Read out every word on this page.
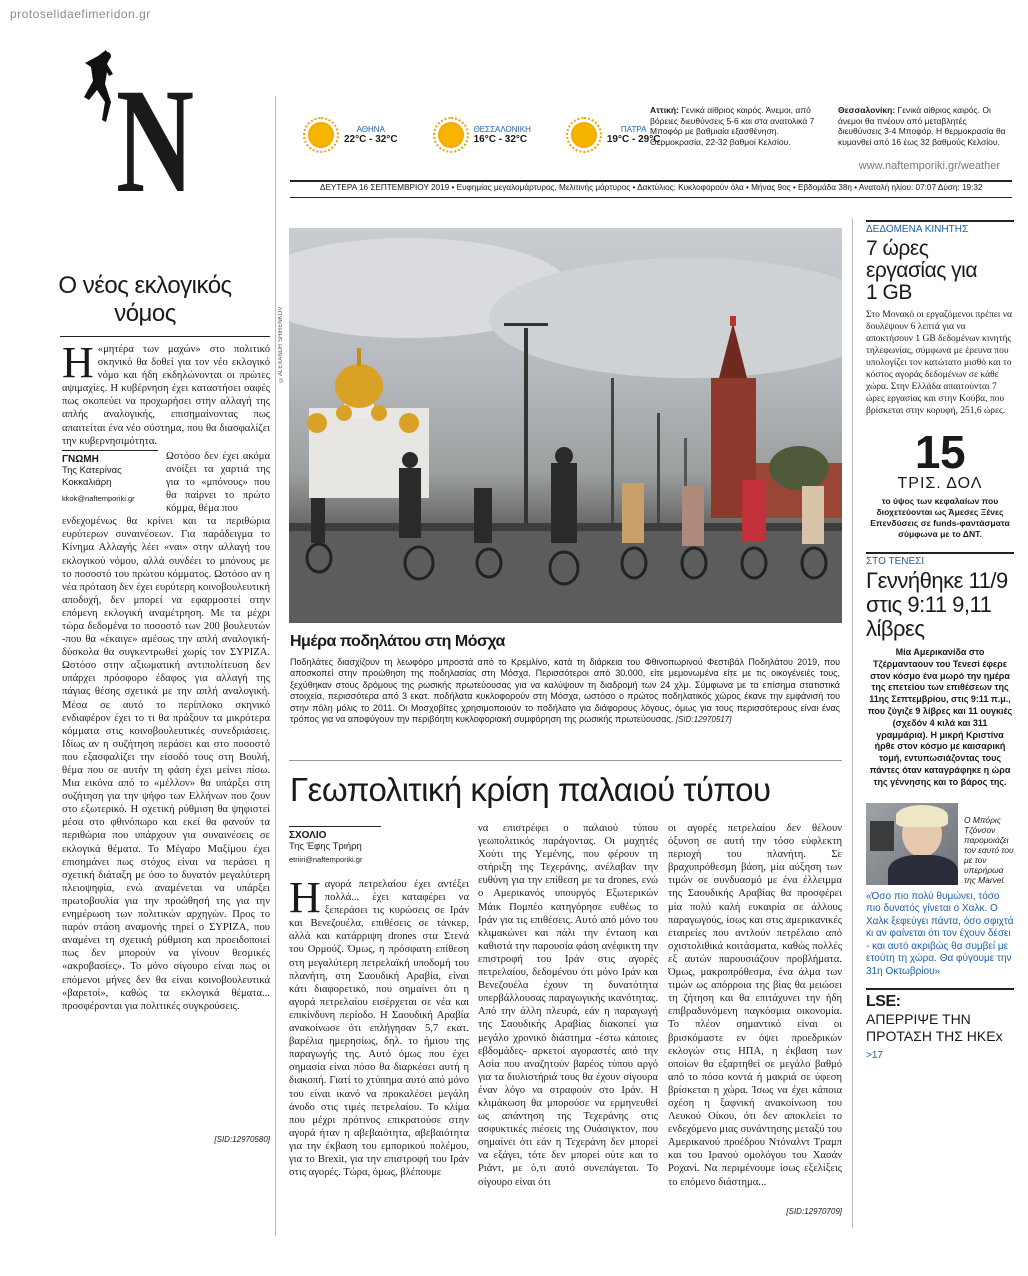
protoselidaefimeridon.gr
N	ΑΘΗΝΑ
22°C - 32°C
ΘΕΣΣΑΛΟΝΙΚΗ
16°C - 32°C
ΠΑΤΡΑ
19°C - 29°C
Αττική: Γενικά αίθριος καιρός. Άνεμοι, από βόρειες διευθύνσεις 5-6 και στα ανατολικά 7 Μποφόρ με βαθμιαία εξασθένηση. Θερμοκρασία, 22-32 βαθμοί Κελσίου.
Θεσσαλονίκη: Γενικά αίθριος καιρός. Οι άνεμοι θα πνέουν από μεταβλητές διευθύνσεις 3-4 Μποφόρ. Η θερμοκρασία θα κυμανθεί από 16 έως 32 βαθμούς Κελσίου.
www.naftemporiki.gr/weather
ΔΕΥΤΕΡΑ 16 ΣΕΠΤΕΜΒΡΙΟΥ 2019 • Ευφημίας μεγαλομάρτυρος, Μελιτινής μάρτυρος • Δακτύλιος: Κυκλοφορούν όλα • Μήνας 9ος • Εβδομάδα 38η • Ανατολή ηλίου: 07:07 Δύση: 19:32
Ο νέος εκλογικός νόμος
Η «μητέρα των μαχών» στο πολιτικό σκηνικό θα δοθεί για τον νέο εκλογικό νόμο και ήδη εκδηλώνονται οι πρώτες αψιμαχίες. Η κυβέρνηση έχει καταστήσει σαφές πως σκοπεύει να προχωρήσει στην αλλαγή της απλής αναλογικής, επισημαίνοντας πως απαιτείται ένα νέο σύστημα, που θα διασφαλίζει την κυβερνησιμότητα.
ΓΝΩΜΗ
Της Κατερίνας Κοκκαλιάρη
kkok@naftemporiki.gr
Ωστόσο δεν έχει ακόμα ανοίξει τα χαρτιά της για το «μπόνους» που θα παίρνει το πρώτο κόμμα, θέμα που
ενδεχομένως θα κρίνει και τα περιθώρια ευρύτερων συναινέσεων. Για παράδειγμα το Κίνημα Αλλαγής λέει «ναι» στην αλλαγή του εκλογικού νόμου, αλλά συνδέει το μπόνους με το ποσοστό του πρώτου κόμματος. Ωστόσο αν η νέα πρόταση δεν έχει ευρύτερη κοινοβουλευτική αποδοχή, δεν μπορεί να εφαρμοστεί στην επόμενη εκλογική αναμέτρηση. Με τα μέχρι τώρα δεδομένα το ποσοστό των 200 βουλευτών -που θα «έκαιγε» αμέσως την απλή αναλογική- δύσκολα θα συγκεντρωθεί χωρίς τον ΣΥΡΙΖΑ. Ωστόσο στην αξιωματική αντιπολίτευση δεν υπάρχει πρόσφορο έδαφος για αλλαγή της πάγιας θέσης σχετικά με την απλή αναλογική. Μέσα σε αυτό το περίπλοκο σκηνικό ενδιαφέρον έχει το τι θα πράξουν τα μικρότερα κόμματα στις κοινοβουλευτικές συνεδριάσεις. Ιδίως αν η συζήτηση περάσει και στο ποσοστό που εξασφαλίζει την είσοδό τους στη Βουλή, θέμα που σε αυτήν τη φάση έχει μείνει πίσω. Μια εικόνα από το «μέλλον» θα υπάρξει στη συζήτηση για την ψήφο των Ελλήνων που ζουν στο εξωτερικό. Η σχετική ρύθμιση θα ψηφιστεί μέσα στο φθινόπωρο και εκεί θα φανούν τα περιθώρια που υπάρχουν για συναινέσεις σε εκλογικά θέματα. Το Μέγαρο Μαξίμου έχει επισημάνει πως στόχος είναι να περάσει η σχετική διάταξη με όσο το δυνατόν μεγαλύτερη πλειοψηφία, ενώ αναμένεται να υπάρξει πρωτοβουλία για την προώθησή της για την ενημέρωση των πολιτικών αρχηγών. Προς το παρόν στάση αναμονής τηρεί ο ΣΥΡΙΖΑ, που αναμένει τη σχετική ρύθμιση και προειδοποιεί πως δεν μπορούν να γίνουν θεσμικές «ακροβασίες». Το μόνο σίγουρο είναι πως οι επόμενοι μήνες δεν θα είναι κοινοβουλευτικά «βαρετοί», καθώς τα εκλογικά θέματα... προσφέρονται για πολιτικές συγκρούσεις.
[SID:12970580]
©ALEXANDR SHIRENKOV
Ημέρα ποδηλάτου στη Μόσχα
Ποδηλάτες διασχίζουν τη λεωφόρο μπροστά από το Κρεμλίνο, κατά τη διάρκεια του Φθινοπωρινού Φεστιβάλ Ποδηλάτου 2019, που αποσκοπεί στην προώθηση της ποδηλασίας στη Μόσχα. Περισσότεροι από 30.000, είτε μεμονωμένα είτε με τις οικογένειές τους, ξεχύθηκαν στους δρόμους της ρωσικής πρωτεύουσας για να καλύψουν τη διαδρομή των 24 χλμ. Σύμφωνα με τα επίσημα στατιστικά στοιχεία, περισσότερα από 3 εκατ. ποδήλατα κυκλοφορούν στη Μόσχα, ωστόσο ο πρώτος ποδηλατικός χώρος έκανε την εμφάνισή του στην πόλη μόλις το 2011. Οι Μοσχοβίτες χρησιμοποιούν το ποδήλατο για διάφορους λόγους, όμως για τους περισσότερους είναι ένας τρόπος για να αποφύγουν την περιβόητη κυκλοφοριακή συμφόρηση της ρωσικής πρωτεύουσας. [SID:12970517]
Γεωπολιτική κρίση παλαιού τύπου
ΣΧΟΛΙΟ
Της Έφης Τριήρη
etriiri@naftemporiki.gr
Ηαγορά πετρελαίου έχει αντέξει πολλά... έχει καταφέρει να ξεπεράσει τις κυρώσεις σε Ιράν και Βενεζουέλα, επιθέσεις σε τάνκερ, αλλά και κατάρριψη drones στα Στενά του Ορμούζ. Όμως, η πρόσφατη επίθεση στη μεγαλύτερη πετρελαϊκή υποδομή του πλανήτη, στη Σαουδική Αραβία, είναι κάτι διαφορετικό, που σημαίνει ότι η αγορά πετρελαίου εισέρχεται σε νέα και επικίνδυνη περίοδο. Η Σαουδική Αραβία ανακοίνωσε ότι επλήγησαν 5,7 εκατ. βαρέλια ημερησίως, δηλ. το ήμισυ της παραγωγής της. Αυτό όμως που έχει σημασία είναι πόσο θα διαρκέσει αυτή η διακοπή. Γιατί το χτύπημα αυτό από μόνο του είναι ικανό να προκαλέσει μεγάλη άνοδο στις τιμές πετρελαίου. Το κλίμα που μέχρι πρότινος επικρατούσε στην αγορά ήταν η αβεβαιότητα, αβεβαιότητα για την έκβαση του εμπορικού πολέμου, για το Brexit, για την επιστροφή του Ιράν στις αγορές. Τώρα, όμως, βλέπουμε
να επιστρέφει ο παλαιού τύπου γεωπολιτικός παράγοντας. Οι μαχητές Χούτι της Υεμένης, που φέρουν τη στήριξη της Τεχεράνης, ανέλαβαν την ευθύνη για την επίθεση με τα drones, ενώ ο Αμερικανός υπουργός Εξωτερικών Μάικ Πομπέο κατηγόρησε ευθέως το Ιράν για τις επιθέσεις. Αυτό από μόνο του κλιμακώνει και πάλι την ένταση και καθιστά την παρουσία φάση ανέφικτη την επιστροφή του Ιράν στις αγορές πετρελαίου, δεδομένου ότι μόνο Ιράν και Βενεζουέλα έχουν τη δυνατότητα υπερβάλλουσας παραγωγικής ικανότητας. Από την άλλη πλευρά, εάν η παραγωγή της Σαουδικής Αραβίας διακοπεί για μεγάλο χρονικό διάστημα -έστω κάποιες εβδομάδες- αρκετοί αγοραστές από την Ασία που αναζητούν βαρέος τύπου αργό για τα διυλιστήριά τους θα έχουν σίγουρα έναν λόγο να στραφούν στο Ιράν. Η κλιμάκωση θα μπορούσε να ερμηνευθεί ως απάντηση της Τεχεράνης στις ασφυκτικές πιέσεις της Ουάσιγκτον, που σημαίνει ότι εάν η Τεχεράνη δεν μπορεί να εξάγει, τότε δεν μπορεί ούτε και το Ριάντ, με ό,τι αυτό συνεπάγεται. Το σίγουρο είναι ότι
οι αγορές πετρελαίου δεν θέλουν όξυνση σε αυτή την τόσο εύφλεκτη περιοχή του πλανήτη. Σε βραχυπρόθεσμη βάση, μία αύξηση των τιμών σε συνδυασμό με ένα έλλειμμα της Σαουδικής Αραβίας θα προσφέρει μία πολύ καλή ευκαιρία σε άλλους παραγωγούς, ίσως και στις αμερικανικές εταιρείες που αντλούν πετρέλαιο από σχιστολιθικά κοιτάσματα, καθώς πολλές εξ αυτών παρουσιάζουν προβλήματα. Όμως, μακροπρόθεσμα, ένα άλμα των τιμών ως απόρροια της βίας θα μειώσει τη ζήτηση και θα επιτάχυνει την ήδη επιβραδυνόμενη παγκόσμια οικονομία. Το πλέον σημαντικό είναι οι βρισκόμαστε εν όψει προεδρικών εκλογών στις ΗΠΑ, η έκβαση των οποίων θα εξαρτηθεί σε μεγάλο βαθμό από το πόσο κοντά ή μακριά σε ύφεση βρίσκεται η χώρα. Ίσως να έχει κάποια σχέση η ξαφνική ανακοίνωση του Λευκού Οίκου, ότι δεν αποκλείει το ενδεχόμενο μιας συνάντησης μεταξύ του Αμερικανού προέδρου Ντόναλντ Τραμπ και του Ιρανού ομολόγου του Χασάν Ροχανί. Να περιμένουμε ίσως εξελίξεις το επόμενο διάστημα...
[SID:12970709]
ΔΕΔΟΜΕΝΑ ΚΙΝΗΤΗΣ
7 ώρες εργασίας για 1 GB
Στο Μονακό οι εργαζόμενοι πρέπει να δουλέψουν 6 λεπτά για να αποκτήσουν 1 GB δεδομένων κινητής τηλεφωνίας, σύμφωνα με έρευνα που υπολογίζει τον κατώτατο μισθό και το κόστος αγοράς δεδομένων σε κάθε χώρα. Στην Ελλάδα απαιτούνται 7 ώρες εργασίας και στην Κούβα, που βρίσκεται στην κορυφή, 251,6 ώρες.
15
ΤΡΙΣ. ΔΟΛ
το ύψος των κεφαλαίων που διοχετεύονται ως Άμεσες Ξένες Επενδύσεις σε funds-φαντάσματα σύμφωνα με το ΔΝΤ.
ΣΤΟ ΤΕΝΕΣΙ
Γεννήθηκε 11/9 στις 9:11 9,11 λίβρες
Μία Αμερικανίδα στο Τζέρμανταουν του Τενεσί έφερε στον κόσμο ένα μωρό την ημέρα της επετείου των επιθέσεων της 11ης Σεπτεμβρίου, στις 9:11 π.μ., που ζύγιζε 9 λίβρες και 11 ουγκιές (σχεδόν 4 κιλά και 311 γραμμάρια). Η μικρή Κριστίνα ήρθε στον κόσμο με καισαρική τομή, εντυπωσιάζοντας τους πάντες όταν καταγράφηκε η ώρα της γέννησης και το βάρος της.
Ο Μπόρις Τζόνσον παρομοιάζει τον εαυτό του με τον υπερήρωα της Marvel.
«Όσο πιο πολύ θυμώνει, τόσο πιο δυνατός γίνεται ο Χαλκ. Ο Χαλκ ξεφεύγει πάντα, όσο σφιχτά κι αν φαίνεται ότι τον έχουν δέσει - και αυτό ακριβώς θα συμβεί με ετούτη τη χώρα. Θα φύγουμε την 31η Οκτωβρίου»
LSE:
ΑΠΕΡΡΙΨΕ ΤΗΝ ΠΡΟΤΑΣΗ ΤΗΣ ΗΚΕx >17
